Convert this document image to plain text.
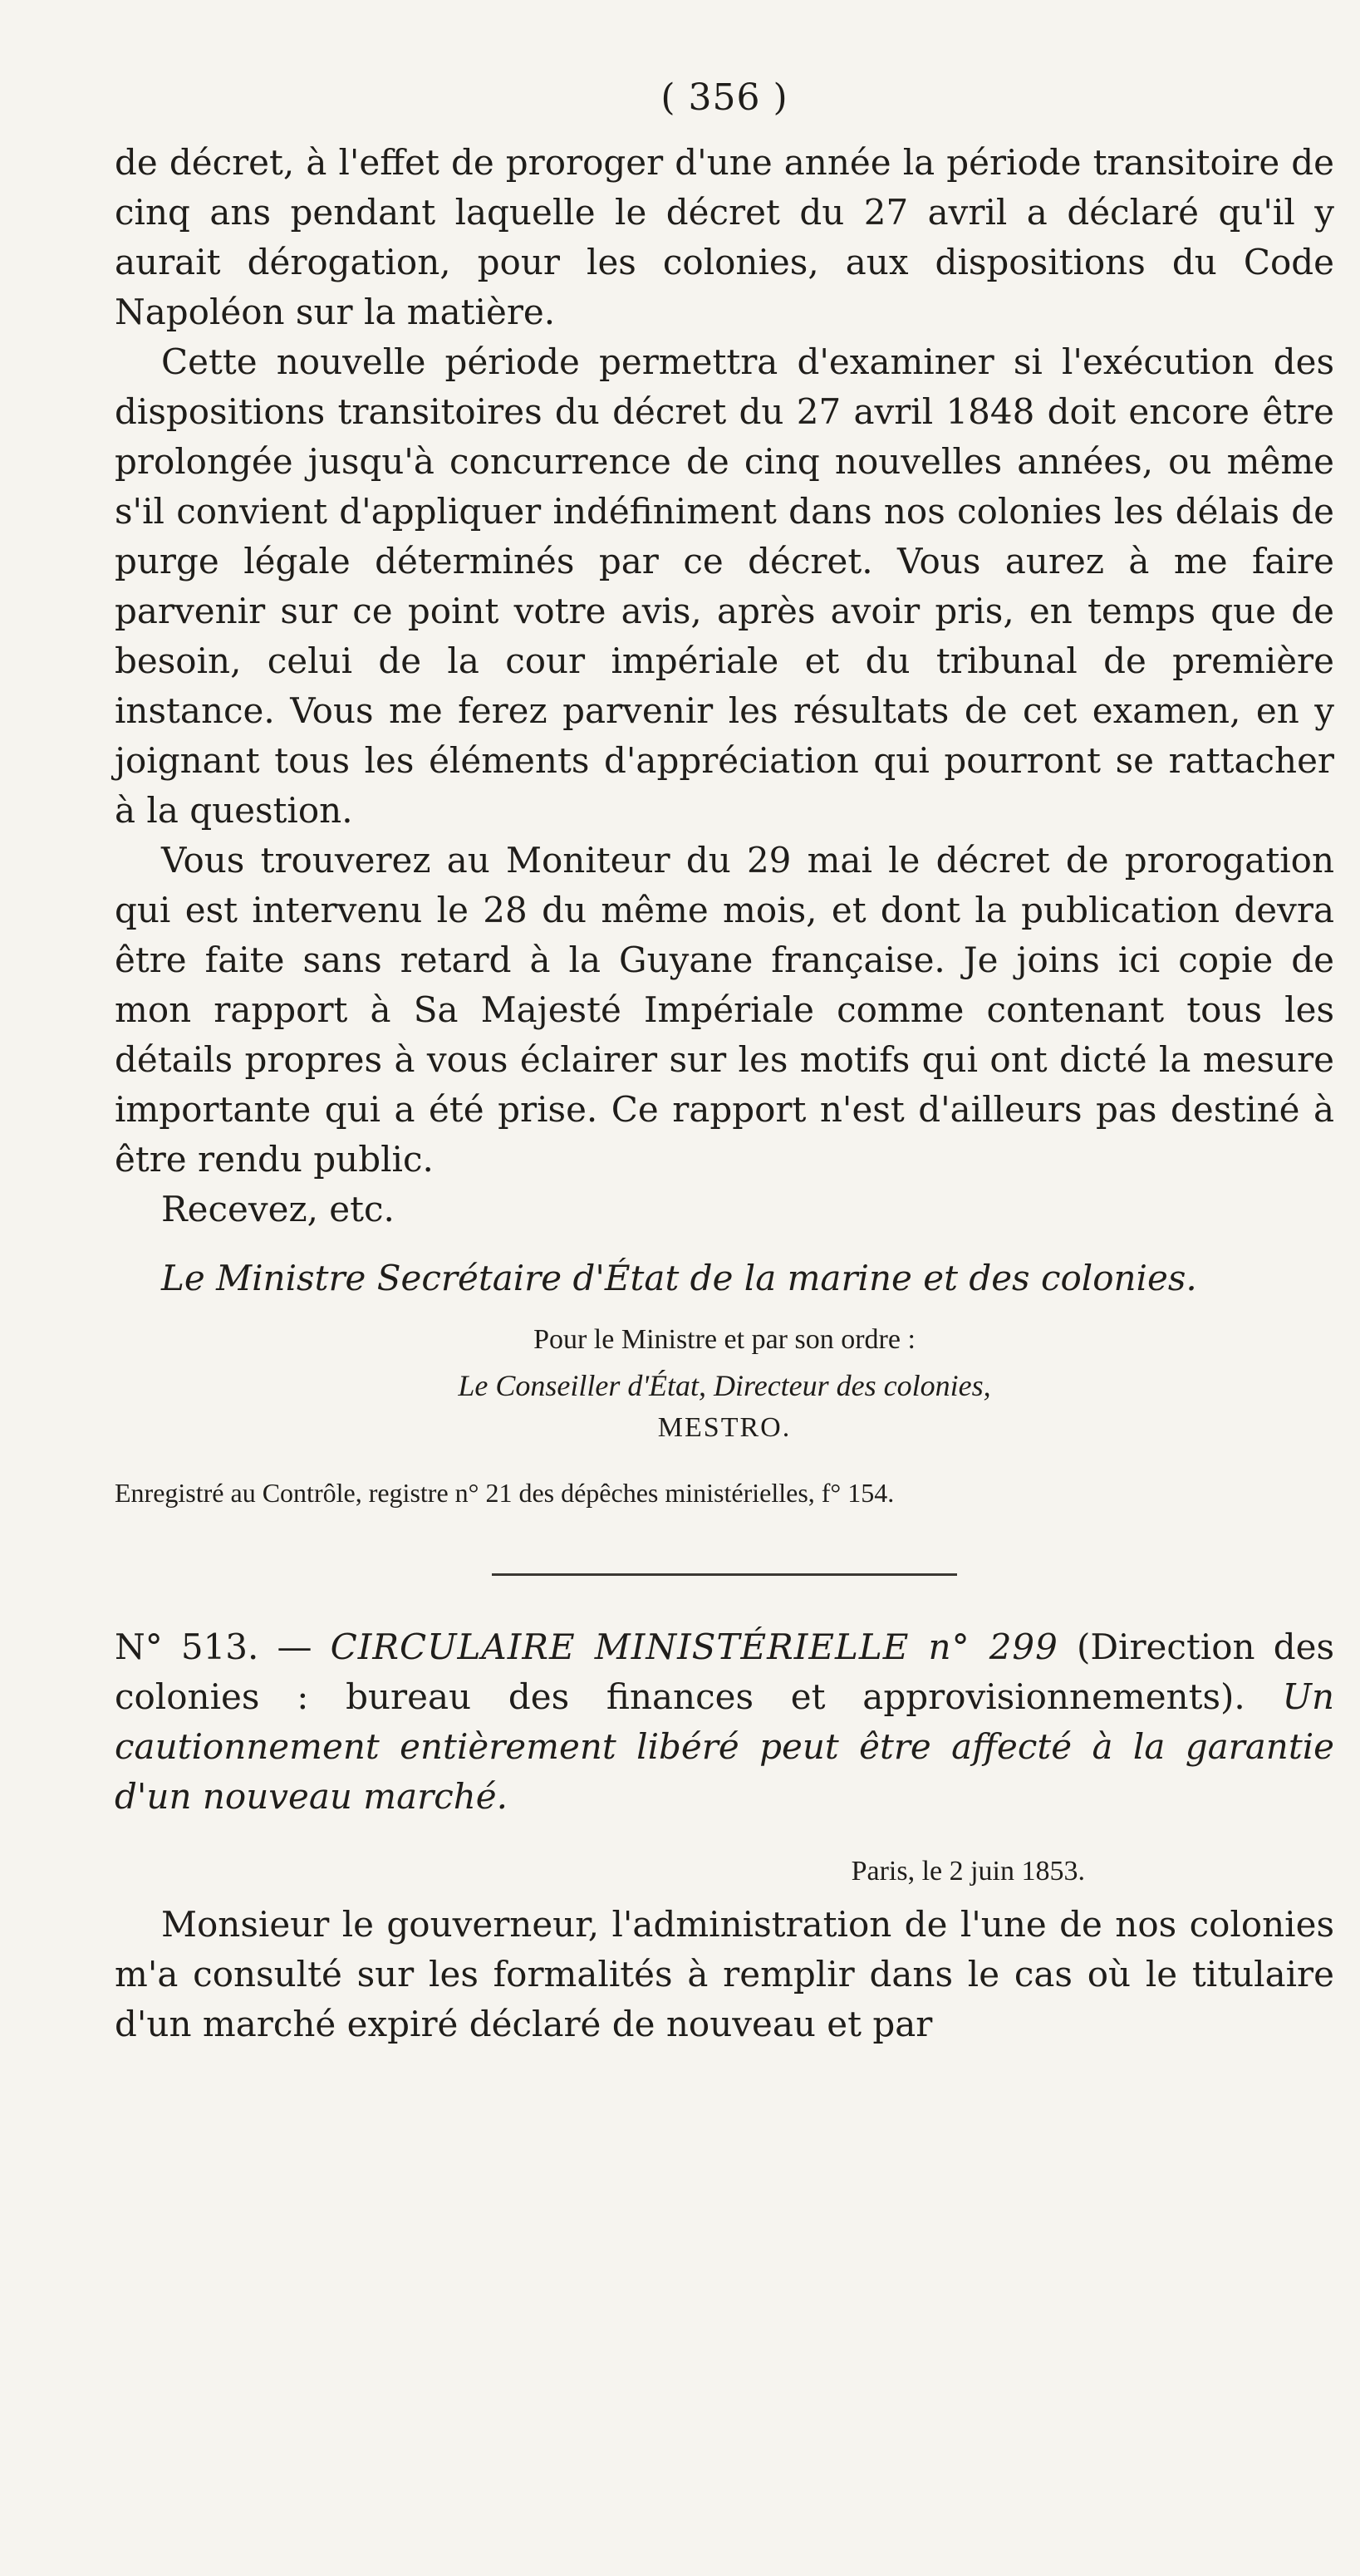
( 356 )

de décret, à l'effet de proroger d'une année la période transitoire de cinq ans pendant laquelle le décret du 27 avril a déclaré qu'il y aurait dérogation, pour les colonies, aux dispositions du Code Napoléon sur la matière.

Cette nouvelle période permettra d'examiner si l'exécution des dispositions transitoires du décret du 27 avril 1848 doit encore être prolongée jusqu'à concurrence de cinq nouvelles années, ou même s'il convient d'appliquer indéfiniment dans nos colonies les délais de purge légale déterminés par ce décret. Vous aurez à me faire parvenir sur ce point votre avis, après avoir pris, en temps que de besoin, celui de la cour impériale et du tribunal de première instance. Vous me ferez parvenir les résultats de cet examen, en y joignant tous les éléments d'appréciation qui pourront se rattacher à la question.

Vous trouverez au Moniteur du 29 mai le décret de prorogation qui est intervenu le 28 du même mois, et dont la publication devra être faite sans retard à la Guyane française. Je joins ici copie de mon rapport à Sa Majesté Impériale comme contenant tous les détails propres à vous éclairer sur les motifs qui ont dicté la mesure importante qui a été prise. Ce rapport n'est d'ailleurs pas destiné à être rendu public.

Recevez, etc.

Le Ministre Secrétaire d'État de la marine et des colonies.
Pour le Ministre et par son ordre :
Le Conseiller d'État, Directeur des colonies,
MESTRO.
Enregistré au Contrôle, registre n° 21 des dépêches ministérielles, f° 154.

N° 513. — CIRCULAIRE MINISTÉRIELLE n° 299 (Direction des colonies : bureau des finances et approvisionnements). Un cautionnement entièrement libéré peut être affecté à la garantie d'un nouveau marché.

Paris, le 2 juin 1853.

Monsieur le gouverneur, l'administration de l'une de nos colonies m'a consulté sur les formalités à remplir dans le cas où le titulaire d'un marché expiré déclaré de nouveau et par
